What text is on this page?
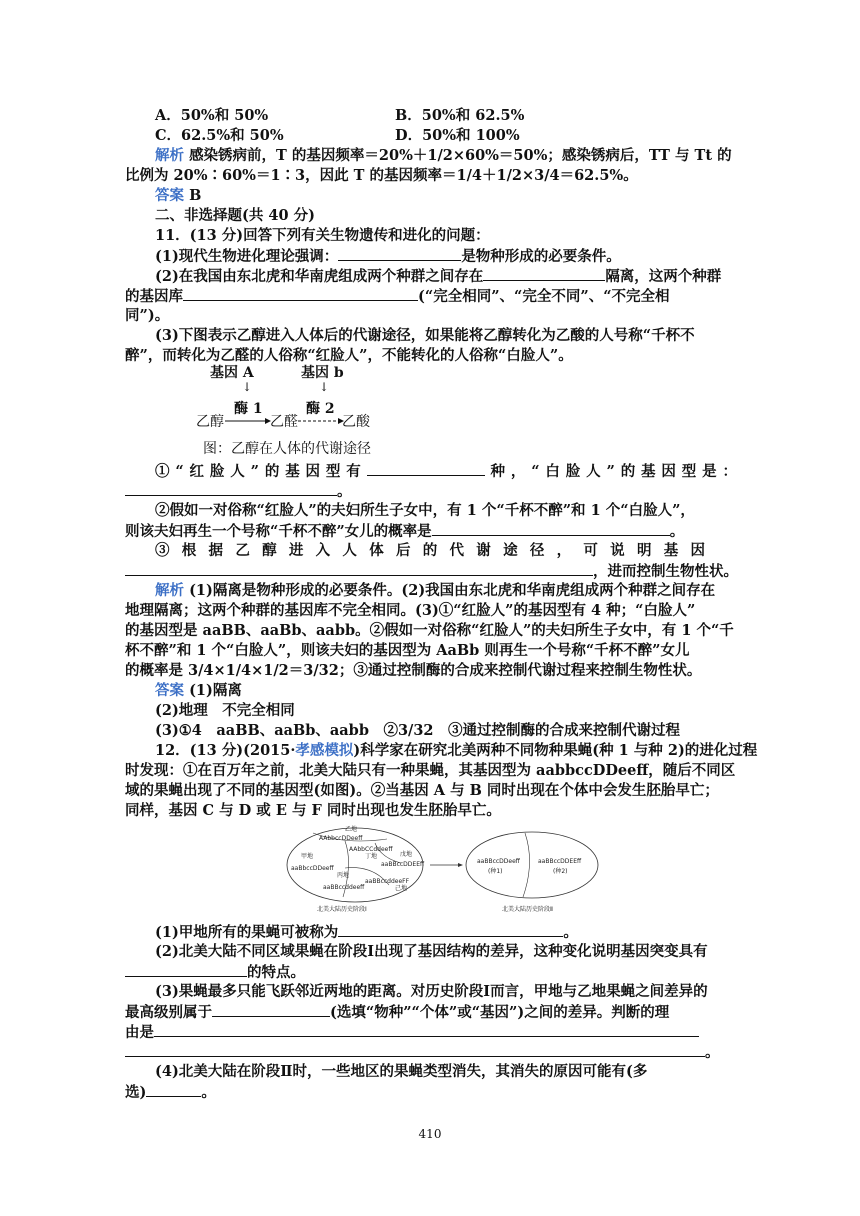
A．50%和 50%	B．50%和 62.5%
C．62.5%和 50%	D．50%和 100%
解析 感染锈病前，T 的基因频率＝20%＋1/2×60%＝50%；感染锈病后，TT 与 Tt 的
比例为 20%∶60%＝1∶3，因此 T 的基因频率＝1/4＋1/2×3/4＝62.5%。
答案 B
二、非选择题(共 40 分)
11．(13 分)回答下列有关生物遗传和进化的问题：
(1)现代生物进化理论强调：	是物种形成的必要条件。
(2)在我国由东北虎和华南虎组成两个种群之间存在	隔离，这两个种群
的基因库	(“完全相同”、“完全不同”、“不完全相
同”)。
(3)下图表示乙醇进入人体后的代谢途径，如果能将乙醇转化为乙酸的人号称“千杯不
醉”，而转化为乙醛的人俗称“红脸人”，不能转化的人俗称“白脸人”。
基因 A	基因 b
↓	↓
酶 1	酶 2
乙醇 → 乙醛 →
乙酸
图：乙醇在人体的代谢途径
①“红脸人”的基因型有	种，“白脸人”的基因型是：
。
②假如一对俗称“红脸人”的夫妇所生子女中，有 1 个“千杯不醉”和 1 个“白脸人”，
则该夫妇再生一个号称“千杯不醉”女儿的概率是	。
③根据乙醇进入人体后的代谢途径，可说明基因
，进而控制生物性状。
解析 (1)隔离是物种形成的必要条件。(2)我国由东北虎和华南虎组成两个种群之间存在
地理隔离；这两个种群的基因库不完全相同。(3)①“红脸人”的基因型有 4 种；“白脸人”
的基因型是 aaBB、aaBb、aabb。②假如一对俗称“红脸人”的夫妇所生子女中，有 1 个“千
杯不醉”和 1 个“白脸人”，则该夫妇的基因型为 AaBb 则再生一个号称“千杯不醉”女儿
的概率是 3/4×1/4×1/2＝3/32；③通过控制酶的合成来控制代谢过程来控制生物性状。
答案 (1)隔离
(2)地理　不完全相同
(3)①4　aaBB、aaBb、aabb　②3/32　③通过控制酶的合成来控制代谢过程
12．(13 分)(2015·孝感模拟)科学家在研究北美两种不同物种果蝇(种 1 与种 2)的进化过程
时发现：①在百万年之前，北美大陆只有一种果蝇，其基因型为 aabbccDDeeff，随后不同区
域的果蝇出现了不同的基因型(如图)。②当基因 A 与 B 同时出现在个体中会发生胚胎早亡；
同样，基因 C 与 D 或 E 与 F 同时出现也发生胚胎早亡。
乙地
AAbbccDDeeff
AAbbCCddeeff
丁地	戊地
aaBBccDDEEff
甲地
aaBbccDDeeff
丙地
aaBBccddeeff
aaBBccddeeFF
己地
北美大陆历史阶段Ⅰ
aaBBccDDeeff
(种1)
aaBBccDDEEff
(种2)
北美大陆历史阶段Ⅱ
(1)甲地所有的果蝇可被称为	。
(2)北美大陆不同区域果蝇在阶段Ⅰ出现了基因结构的差异，这种变化说明基因突变具有
的特点。
(3)果蝇最多只能飞跃邻近两地的距离。对历史阶段Ⅰ而言，甲地与乙地果蝇之间差异的
最高级别属于	(选填“物种”“个体”或“基因”)之间的差异。判断的理
由是
。
(4)北美大陆在阶段Ⅱ时，一些地区的果蝇类型消失，其消失的原因可能有(多
选)	。
410
